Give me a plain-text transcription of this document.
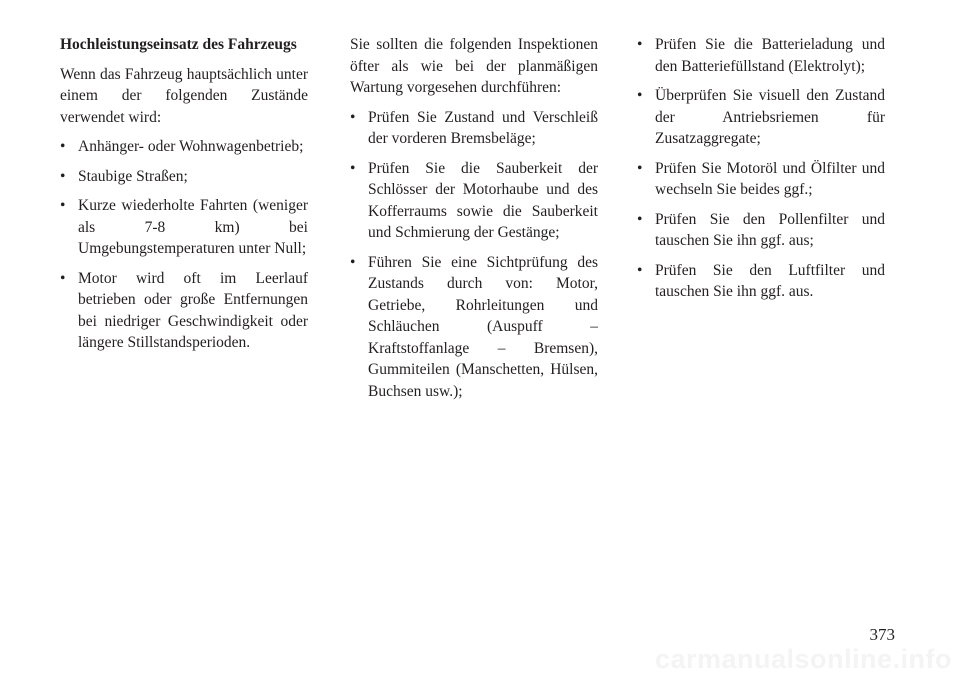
Hochleistungseinsatz des Fahrzeugs

Wenn das Fahrzeug hauptsächlich unter einem der folgenden Zustände verwendet wird:

• Anhänger- oder Wohnwagenbetrieb;
• Staubige Straßen;
• Kurze wiederholte Fahrten (weniger als 7-8 km) bei Umgebungstemperaturen unter Null;
• Motor wird oft im Leerlauf betrieben oder große Entfernungen bei niedriger Geschwindigkeit oder längere Stillstandsperioden.

Sie sollten die folgenden Inspektionen öfter als wie bei der planmäßigen Wartung vorgesehen durchführen:

• Prüfen Sie Zustand und Verschleiß der vorderen Bremsbeläge;
• Prüfen Sie die Sauberkeit der Schlösser der Motorhaube und des Kofferraums sowie die Sauberkeit und Schmierung der Gestänge;
• Führen Sie eine Sichtprüfung des Zustands durch von: Motor, Getriebe, Rohrleitungen und Schläuchen (Auspuff – Kraftstoffanlage – Bremsen), Gummiteilen (Manschetten, Hülsen, Buchsen usw.);
• Prüfen Sie die Batterieladung und den Batteriefüllstand (Elektrolyt);
• Überprüfen Sie visuell den Zustand der Antriebsriemen für Zusatzaggregate;
• Prüfen Sie Motoröl und Ölfilter und wechseln Sie beides ggf.;
• Prüfen Sie den Pollenfilter und tauschen Sie ihn ggf. aus;
• Prüfen Sie den Luftfilter und tauschen Sie ihn ggf. aus.
373
carmanualsonline.info
